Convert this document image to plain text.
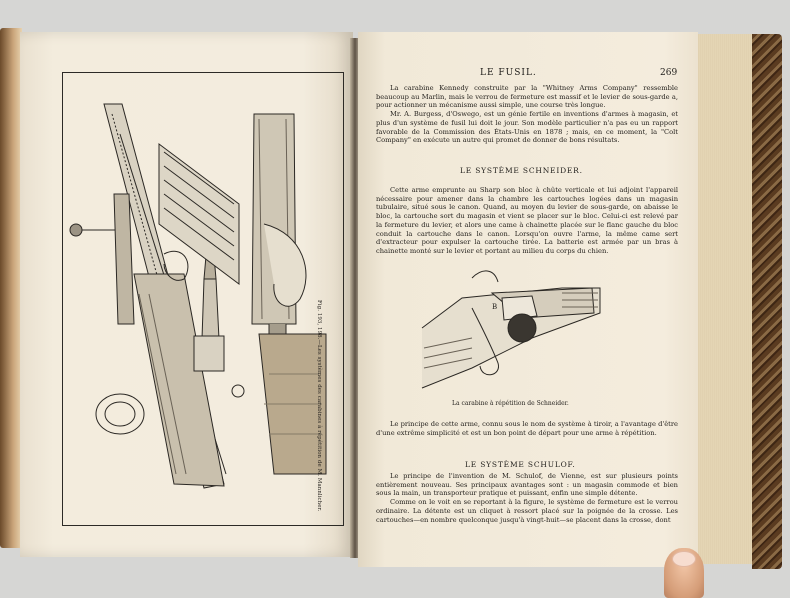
Fig. 193, 198.—Les systèmes des carabines à répétition de M. Mannlicher.
LE FUSIL.	269

La carabine Kennedy construite par la "Whitney Arms Company" ressemble beaucoup au Marlin, mais le verrou de fermeture est massif et le levier de sous-garde a, pour actionner un mécanisme aussi simple, une course très longue.

Mr. A. Burgess, d'Oswego, est un génie fertile en inventions d'armes à magasin, et plus d'un système de fusil lui doit le jour. Son modèle particulier n'a pas eu un rapport favorable de la Commission des États-Unis en 1878 ; mais, en ce moment, la "Colt Company" en exécute un autre qui promet de donner de bons résultats.

LE SYSTÈME SCHNEIDER.

Cette arme emprunte au Sharp son bloc à chûte verticale et lui adjoint l'appareil nécessaire pour amener dans la chambre les cartouches logées dans un magasin tubulaire, situé sous le canon. Quand, au moyen du levier de sous-garde, on abaisse le bloc, la cartouche sort du magasin et vient se placer sur le bloc. Celui-ci est relevé par la fermeture du levier, et alors une came à chainette placée sur le flanc gauche du bloc conduit la cartouche dans le canon. Lorsqu'on ouvre l'arme, la même came sert d'extracteur pour expulser la cartouche tirée. La batterie est armée par un bras à chainette monté sur le levier et portant au milieu du corps du chien.

B
La carabine à répétition de Schneider.

Le principe de cette arme, connu sous le nom de système à tiroir, a l'avantage d'être d'une extrême simplicité et est un bon point de départ pour une arme à répétition.

LE SYSTÈME SCHULOF.

Le principe de l'invention de M. Schulof, de Vienne, est sur plusieurs points entièrement nouveau. Ses principaux avantages sont : un magasin commode et bien sous la main, un transporteur pratique et puissant, enfin une simple détente.

Comme on le voit en se reportant à la figure, le système de fermeture est le verrou ordinaire. La détente est un cliquet à ressort placé sur la poignée de la crosse. Les cartouches—en nombre quelconque jusqu'à vingt-huit—se placent dans la crosse, dont
